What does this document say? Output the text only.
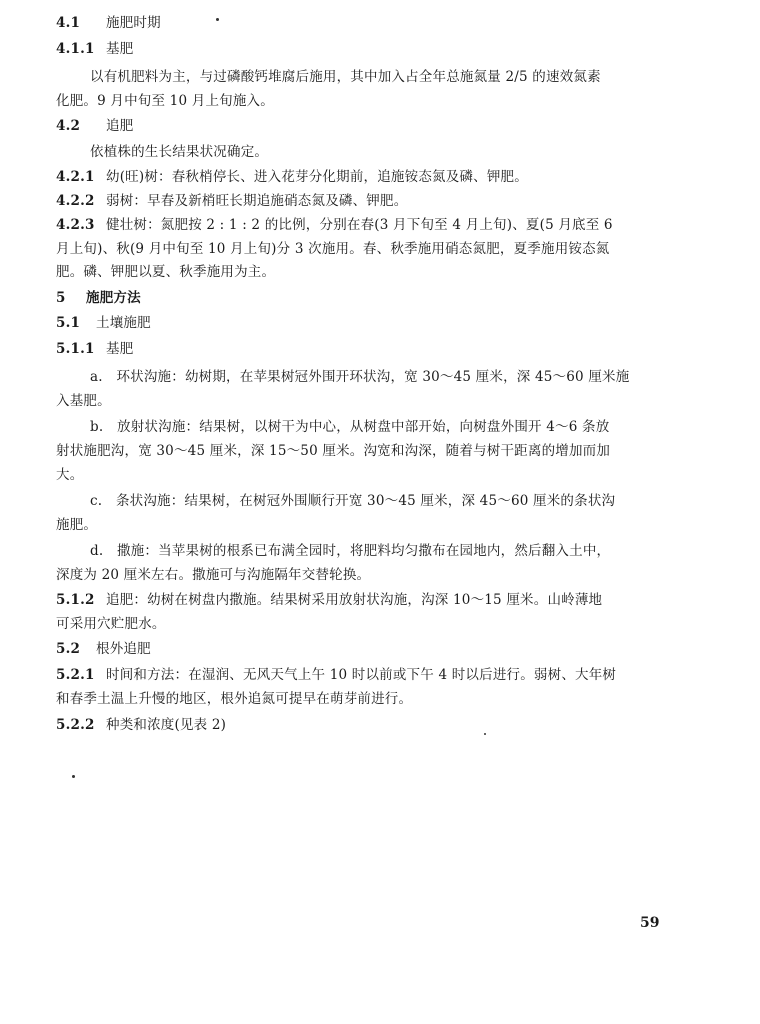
4.1 施肥时期
4.1.1 基肥
以有机肥料为主，与过磷酸钙堆腐后施用，其中加入占全年总施氮量 2/5 的速效氮素
化肥。9 月中旬至 10 月上旬施入。
4.2 追肥
依植株的生长结果状况确定。
4.2.1 幼(旺)树：春秋梢停长、进入花芽分化期前，追施铵态氮及磷、钾肥。
4.2.2 弱树：早春及新梢旺长期追施硝态氮及磷、钾肥。
4.2.3 健壮树：氮肥按 2 : 1 : 2 的比例，分别在春(3 月下旬至 4 月上旬)、夏(5 月底至 6
月上旬)、秋(9 月中旬至 10 月上旬)分 3 次施用。春、秋季施用硝态氮肥，夏季施用铵态氮
肥。磷、钾肥以夏、秋季施用为主。
5 施肥方法
5.1 土壤施肥
5.1.1 基肥
a.　环状沟施：幼树期，在苹果树冠外围开环状沟，宽 30～45 厘米，深 45～60 厘米施
入基肥。
b.　放射状沟施：结果树，以树干为中心，从树盘中部开始，向树盘外围开 4～6 条放
射状施肥沟，宽 30～45 厘米，深 15～50 厘米。沟宽和沟深，随着与树干距离的增加而加
大。
c.　条状沟施：结果树，在树冠外围顺行开宽 30～45 厘米，深 45～60 厘米的条状沟
施肥。
d.　撒施：当苹果树的根系已布满全园时，将肥料均匀撒布在园地内，然后翻入土中，
深度为 20 厘米左右。撒施可与沟施隔年交替轮换。
5.1.2 追肥：幼树在树盘内撒施。结果树采用放射状沟施，沟深 10～15 厘米。山岭薄地
可采用穴贮肥水。
5.2 根外追肥
5.2.1 时间和方法：在湿润、无风天气上午 10 时以前或下午 4 时以后进行。弱树、大年树
和春季土温上升慢的地区，根外追氮可提早在萌芽前进行。
5.2.2 种类和浓度(见表 2)
59
